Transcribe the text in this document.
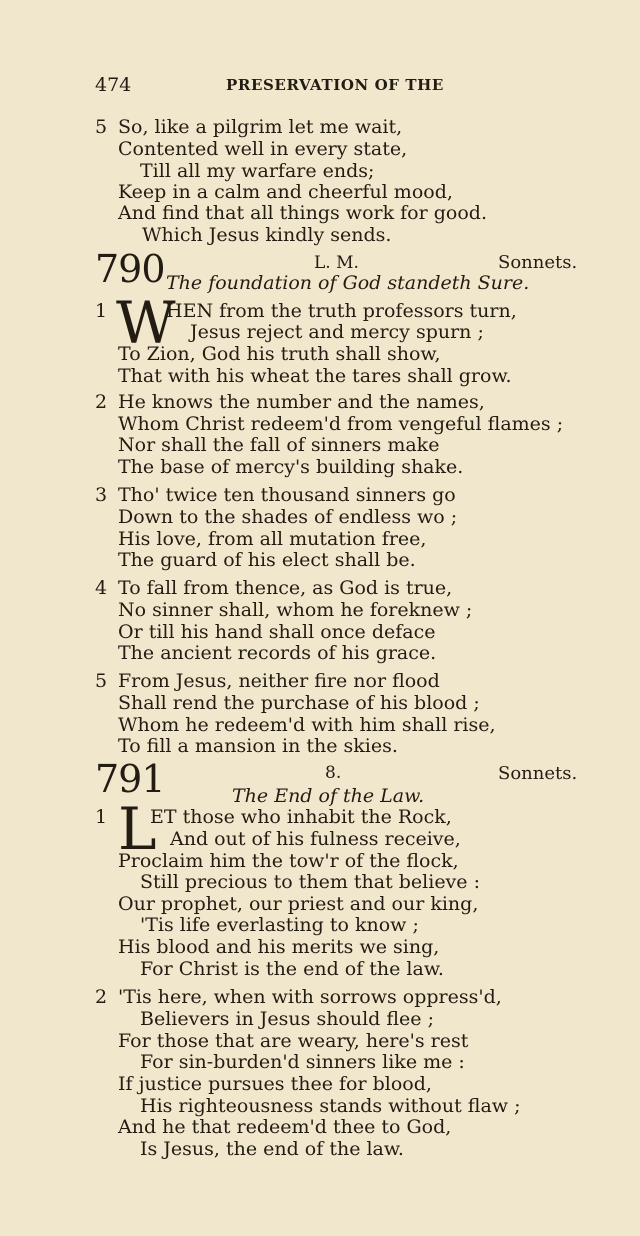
474	PRESERVATION OF THE
5 So, like a pilgrim let me wait,
Contented well in every state,
Till all my warfare ends;
Keep in a calm and cheerful mood,
And find that all things work for good.
Which Jesus kindly sends.
790	L. M.	Sonnets.
The foundation of God standeth Sure.
1 W
HEN from the truth professors turn,
Jesus reject and mercy spurn ;
To Zion, God his truth shall show,
That with his wheat the tares shall grow.
2 He knows the number and the names,
Whom Christ redeem'd from vengeful flames ;
Nor shall the fall of sinners make
The base of mercy's building shake.
3 Tho' twice ten thousand sinners go
Down to the shades of endless wo ;
His love, from all mutation free,
The guard of his elect shall be.
4 To fall from thence, as God is true,
No sinner shall, whom he foreknew ;
Or till his hand shall once deface
The ancient records of his grace.
5 From Jesus, neither fire nor flood
Shall rend the purchase of his blood ;
Whom he redeem'd with him shall rise,
To fill a mansion in the skies.
791	8.	Sonnets.
The End of the Law.
1 L
ET those who inhabit the Rock,
And out of his fulness receive,
Proclaim him the tow'r of the flock,
Still precious to them that believe :
Our prophet, our priest and our king,
'Tis life everlasting to know ;
His blood and his merits we sing,
For Christ is the end of the law.
2 'Tis here, when with sorrows oppress'd,
Believers in Jesus should flee ;
For those that are weary, here's rest
For sin-burden'd sinners like me :
If justice pursues thee for blood,
His righteousness stands without flaw ;
And he that redeem'd thee to God,
Is Jesus, the end of the law.
